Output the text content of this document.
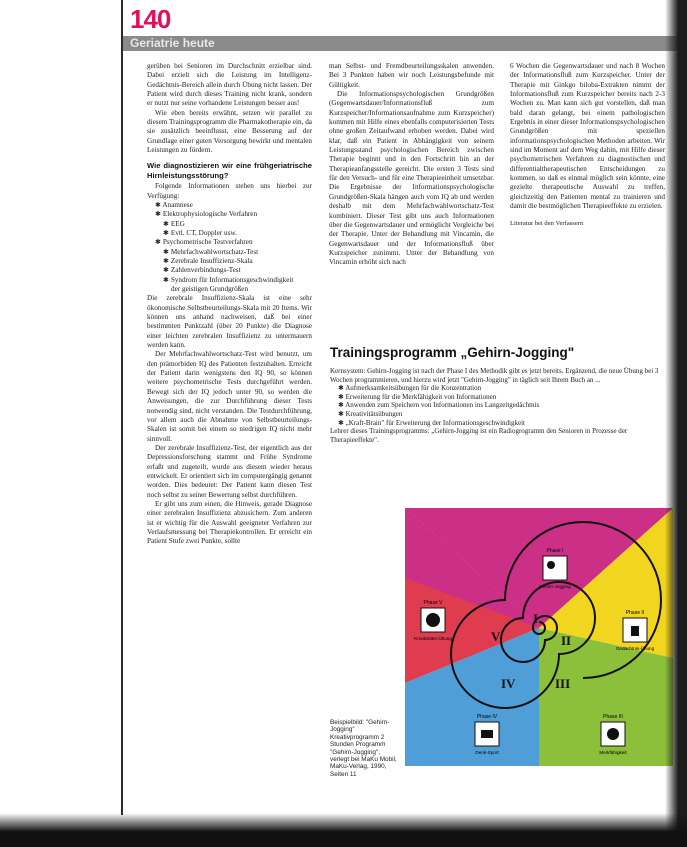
140
Geriatrie heute

gerüben bei Senioren im Durchschnitt erzielbar sind. Dabei erzielt sich die Leistung im Intelligenz- Gedächtnis-Bereich allein durch Übung nicht lassen. Der Patient wird durch dieses Training nicht krank, sondern er nutzt nur seine vorhandene Leistungen besser aus!

Wie eben bereits erwähnt, setzen wir parallel zu diesem Trainingsprogramm die Pharmakotherapie ein, da sie zusätzlich beeinflusst, eine Besserung auf der Grundlage einer guten Versorgung bewirkt und mentalen Leistungen zu fördern.

Wie diagnostizieren wir eine frühgeriatrische Hirnleistungsstörung?

Folgende Informationen stehen uns hierbei zur Verfügung:

✱ Anamnese
✱ Elektrophysiologische Verfahren
✱ EEG
✱ Evtl. CT, Doppler usw.
✱ Psychometrische Testverfahren
✱ Mehrfachwahlwortschatz-Test
✱ Zerebrale Insuffizienz-Skala
✱ Zahlenverbindungs-Test
✱ Syndrom für Informationsgeschwindigkeit
der geistigen Grundgrößen

Die zerebrale Insuffizienz-Skala ist eine sehr ökonomische Selbstbeurteilungs-Skala mit 20 Items. Wir können uns anhand nachweisen, daß bei einer bestimmten Punktzahl (über 20 Punkte) die Diagnose einer leichten zerebralen Insuffizienz zu untermauern werden kann.

Der Mehrfachwahlwortschatz-Test wird benutzt, um den prämorbiden IQ des Patienten festzuhalten. Erreicht der Patient darin wenigstens den IQ 90, so können weitere psychometrische Tests durchgeführt werden. Bewegt sich der IQ jedoch unter 90, so werden die Anweisungen, die zur Durchführung dieser Tests notwendig sind, nicht verstanden. Die Testdurchführung, vor allem auch die Abnahme von Selbstbeurteilungs-Skalen ist somit bei einem so niedrigen IQ nicht mehr sinnvoll.

Der zerebrale Insuffizienz-Test, der eigentlich aus der Depressionsforschung stammt und Frühe Syndrome erfaßt und zugeteilt, wurde aus diesem wieder heraus entwickelt. Er orientiert sich im computergängig genannt worden. Dies bedeutet: Der Patient kann diesen Test noch selbst zu seiner Bewertung selbst durchführen.

Er gibt uns zum einen, die Hinweis, gerade Diagnose einer zerebralen Insuffizienz abzusichern. Zum anderen ist er wichtig für die Auswahl geeigneter Verfahren zur Verlaufsmessung bei Therapiekontrollen. Er erreicht ein Patient Stufe zwei Punkte, sollte

man Selbst- und Fremdbeurteilungsskalen anwenden. Bei 3 Punkten haben wir noch Leistungsbefunde mit Gültigkeit.

Die Informationspsychologischen Grundgrößen (Gegenwartsdauer/Informationsfluß zum Kurzspeicher/Informationsaufnahme zum Kurzspeicher) kommen mit Hilfe eines ebenfalls computerisierten Tests ohne großen Zeitaufwand erhoben werden. Dabei wird klar, daß ein Patient in Abhängigkeit von seinem Leistungsstand psychologischen Bereich zwischen Therapie beginnt und in den Fortschritt hin an der Therapieanfangsstelle gereicht. Die ersten 3 Tests sind für den Versuch- und für eine Therapieeinheit umsetzbar. Die Ergebnisse der Informationspsychologische Grundgrößen-Skala hängen auch vom IQ ab und werden deshalb mit dem Mehrfachwahlwortschatz-Test kombiniert. Dieser Test gibt uns auch Informationen über die Gegenwartsdauer und ermöglicht Vergleiche bei der Therapie. Unter der Behandlung mit Vincamin, die Gegenwartsdauer und der Informationsfluß über Kurzspeicher zunimmt. Unter der Behandlung von Vincamin erhöht sich nach

6 Wochen die Gegenwartsdauer und nach 8 Wochen der Informationsfluß zum Kurzspeicher. Unter der Therapie mit Ginkgo biloba-Extrakten nimmt der Informationsfluß zum Kurzspeicher bereits nach 2-3 Wochen zu. Man kann sich gut vorstellen, daß man bald daran gelangt, bei einem pathologischen Ergebnis in einer dieser Informationspsychologischen Grundgrößen mit speziellen informationspsychologischen Methoden arbeiten. Wir sind im Moment auf dem Weg dahin, mit Hilfe dieser psychometrischen Verfahren zu diagnostischen und differentialtherapeutischen Entscheidungen zu kommen, so daß es einmal möglich sein könnte, eine gezielte therapeutische Auswahl zu treffen, gleichzeitig den Patienten mental zu trainieren und damit die bestmöglichen Therapieeffekte zu erzielen.

Literatur bei den Verfassern

Trainingsprogramm „Gehirn-Jogging"

Kernsystem: Gehirn-Jogging ist nach der Phase I des Methodik gibt es jetzt bereits. Ergänzend, die neue Übung bei 3 Wochen programmieren, und hierzu wird jetzt "Gehirn-Jogging" in täglich seit Ihrem Buch an ...

✱ Aufmerksamkeitsübungen für die Konzentration
✱ Erweiterung für die Merkfähigkeit von Informationen
✱ Anwenden zum Speichern von Informationen ins Langzeitgedächtnis
✱ Kreativitätsübungen
✱ „Kraft-Brain" für Erweiterung der Informationsgeschwindigkeit

Lehrer dieses Trainingsprogramms: „Gehirn-Jogging ist ein Radiogrogramm den Senioren in Prozesse der Therapieeffekte".

I
II
III
IV
V
Phase I
Gehirn-Jogging
Phase V
Kreativitäts-Übung
Phase II
Gedächtnis-Übung
Phase IV
Denk-Sport
Phase III
Merkfähigkeit
Beispielbild: "Gehirn-Jogging" Kreativprogramm 2 Stunden Programm "Gehirn-Jogging", verlegt bei MaKu Mobil, MaKu-Verlag, 1990, Seiten 11
